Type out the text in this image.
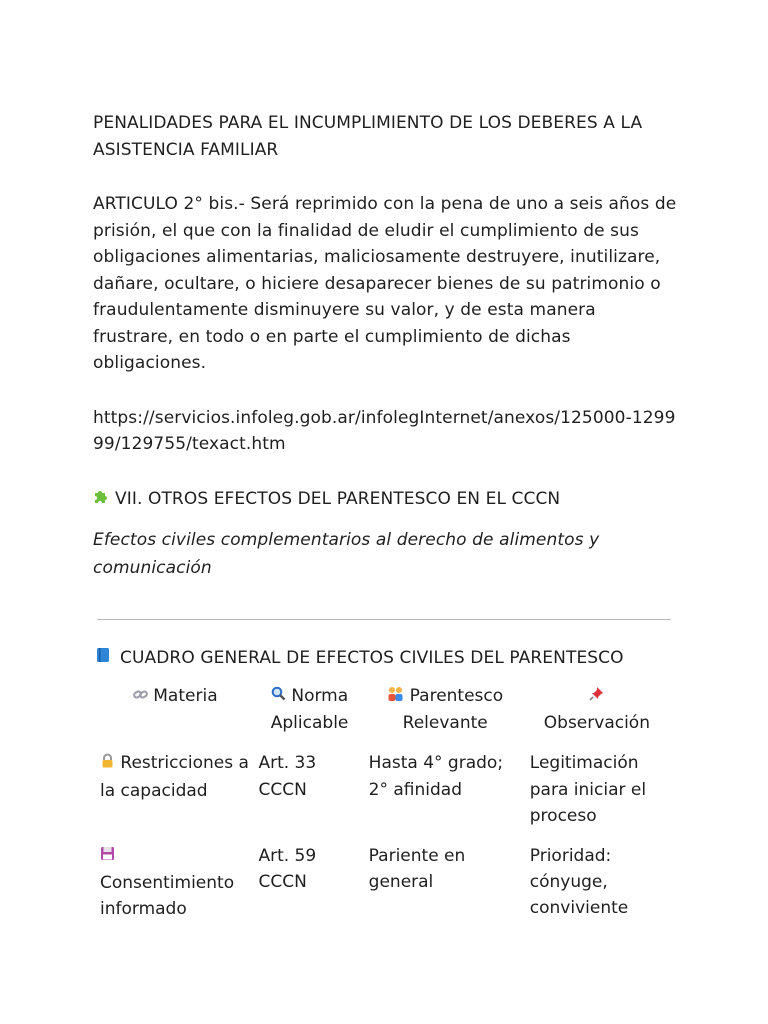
PENALIDADES PARA EL INCUMPLIMIENTO DE LOS DEBERES A LA ASISTENCIA FAMILIAR

ARTICULO 2° bis.- Será reprimido con la pena de uno a seis años de prisión, el que con la finalidad de eludir el cumplimiento de sus obligaciones alimentarias, maliciosamente destruyere, inutilizare, dañare, ocultare, o hiciere desaparecer bienes de su patrimonio o fraudulentamente disminuyere su valor, y de esta manera frustrare, en todo o en parte el cumplimiento de dichas obligaciones.

https://servicios.infoleg.gob.ar/infolegInternet/anexos/125000-129999/129755/texact.htm

VII. OTROS EFECTOS DEL PARENTESCO EN EL CCCN

Efectos civiles complementarios al derecho de alimentos y comunicación

CUADRO GENERAL DE EFECTOS CIVILES DEL PARENTESCO

Materia	Norma Aplicable	Parentesco Relevante	Observación
Restricciones a la capacidad	Art. 33 CCCN	Hasta 4° grado; 2° afinidad	Legitimación para iniciar el proceso

Consentimiento informado	Art. 59 CCCN	Pariente en general	Prioridad: cónyuge, conviviente
